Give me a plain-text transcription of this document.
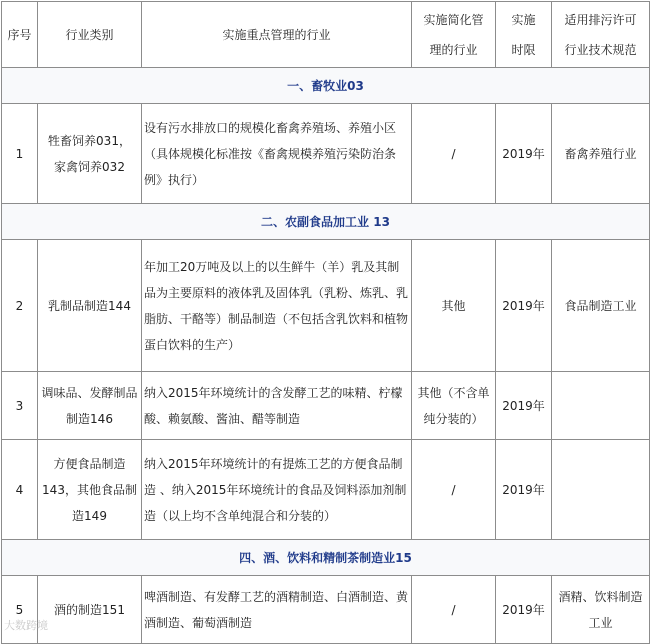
序号	行业类别	实施重点管理的行业	实施简化管理的行业	实施时限	适用排污许可行业技术规范
一、畜牧业03					
1	牲畜饲养031，家禽饲养032	设有污水排放口的规模化畜禽养殖场、养殖小区（具体规模化标准按《畜禽规模养殖污染防治条例》执行）	/	2019年	畜禽养殖行业
二、农副食品加工业 13					
2	乳制品制造144	年加工20万吨及以上的以生鲜牛（羊）乳及其制品为主要原料的液体乳及固体乳（乳粉、炼乳、乳脂肪、干酪等）制品制造（不包括含乳饮料和植物蛋白饮料的生产）	其他	2019年	食品制造工业
3	调味品、发酵制品制造146	纳入2015年环境统计的含发酵工艺的味精、柠檬酸、赖氨酸、酱油、醋等制造	其他（不含单纯分装的）	2019年	
4	方便食品制造143，其他食品制造149	纳入2015年环境统计的有提炼工艺的方便食品制造 、纳入2015年环境统计的食品及饲料添加剂制造（以上均不含单纯混合和分装的）	/	2019年	
四、酒、饮料和精制茶制造业15					
5	酒的制造151	啤酒制造、有发酵工艺的酒精制造、白酒制造、黄酒制造、葡萄酒制造	/	2019年	酒精、饮料制造工业
大数跨境
